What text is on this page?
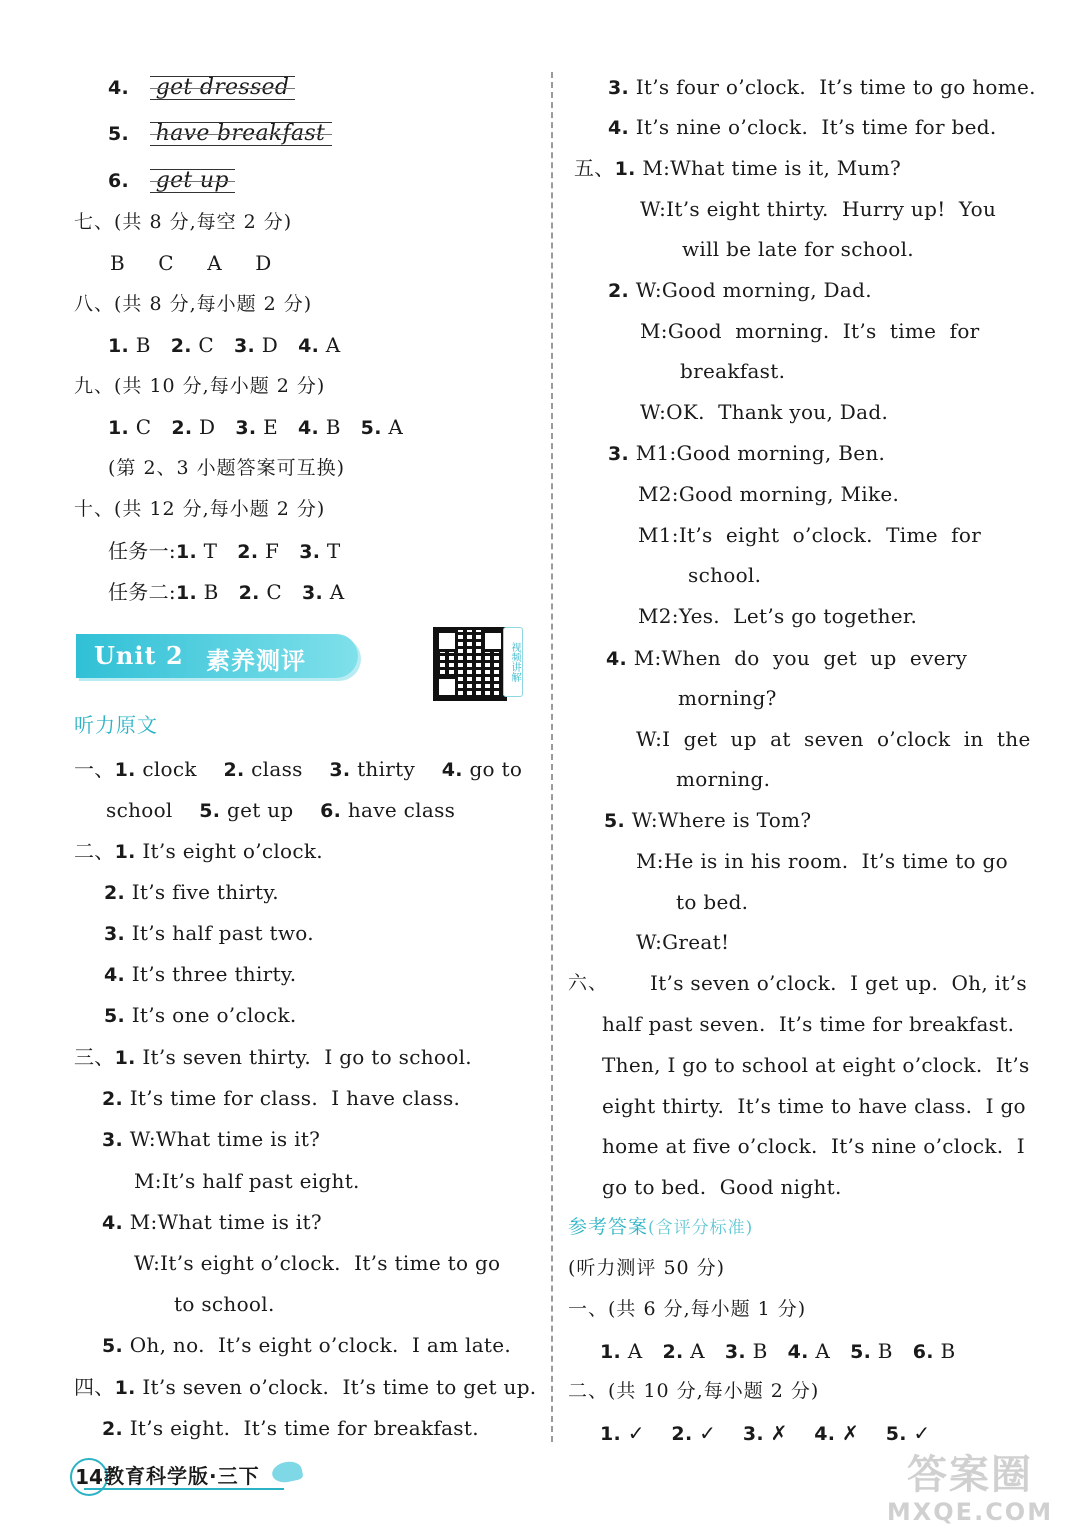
4. get dressed
5. have breakfast
6. get up
七、(共 8 分,每空 2 分)
B  C  A  D
八、(共 8 分,每小题 2 分)
1. B 2. C 3. D 4. A
九、(共 10 分,每小题 2 分)
1. C 2. D 3. E 4. B 5. A
(第 2、3 小题答案可互换)
十、(共 12 分,每小题 2 分)
任务一:1. T 2. F 3. T
任务二:1. B 2. C 3. A
Unit 2 素养测评	视频讲解
听力原文
一、1. clock 2. class 3. thirty 4. go to
school 5. get up 6. have class
二、1. It’s eight o’clock.
2. It’s five thirty.
3. It’s half past two.
4. It’s three thirty.
5. It’s one o’clock.
三、1. It’s seven thirty.  I go to school.
2. It’s time for class.  I have class.
3. W:What time is it?
M:It’s half past eight.
4. M:What time is it?
W:It’s eight o’clock.  It’s time to go
to school.
5. Oh, no.  It’s eight o’clock.  I am late.
四、1. It’s seven o’clock.  It’s time to get up.
2. It’s eight.  It’s time for breakfast.
14 教育科学版·三下
3. It’s four o’clock.  It’s time to go home.
4. It’s nine o’clock.  It’s time for bed.
五、1. M:What time is it, Mum?
W:It’s eight thirty.  Hurry up!  You
will be late for school.
2. W:Good morning, Dad.
M:Good  morning.  It’s  time  for
breakfast.
W:OK.  Thank you, Dad.
3. M1:Good morning, Ben.
M2:Good morning, Mike.
M1:It’s  eight  o’clock.  Time  for
school.
M2:Yes.  Let’s go together.
4. M:When  do  you  get  up  every
morning?
W:I  get  up  at  seven  o’clock  in  the
morning.
5. W:Where is Tom?
M:He is in his room.  It’s time to go
to bed.
W:Great!
六、 It’s seven o’clock.  I get up.  Oh, it’s
half past seven.  It’s time for breakfast.
Then, I go to school at eight o’clock.  It’s
eight thirty.  It’s time to have class.  I go
home at five o’clock.  It’s nine o’clock.  I
go to bed.  Good night.
参考答案(含评分标准)
(听力测评 50 分)
一、(共 6 分,每小题 1 分)
1. A 2. A 3. B 4. A 5. B 6. B
二、(共 10 分,每小题 2 分)
1. ✓ 2. ✓ 3. ✗ 4. ✗ 5. ✓
答案圈
MXQE.COM
